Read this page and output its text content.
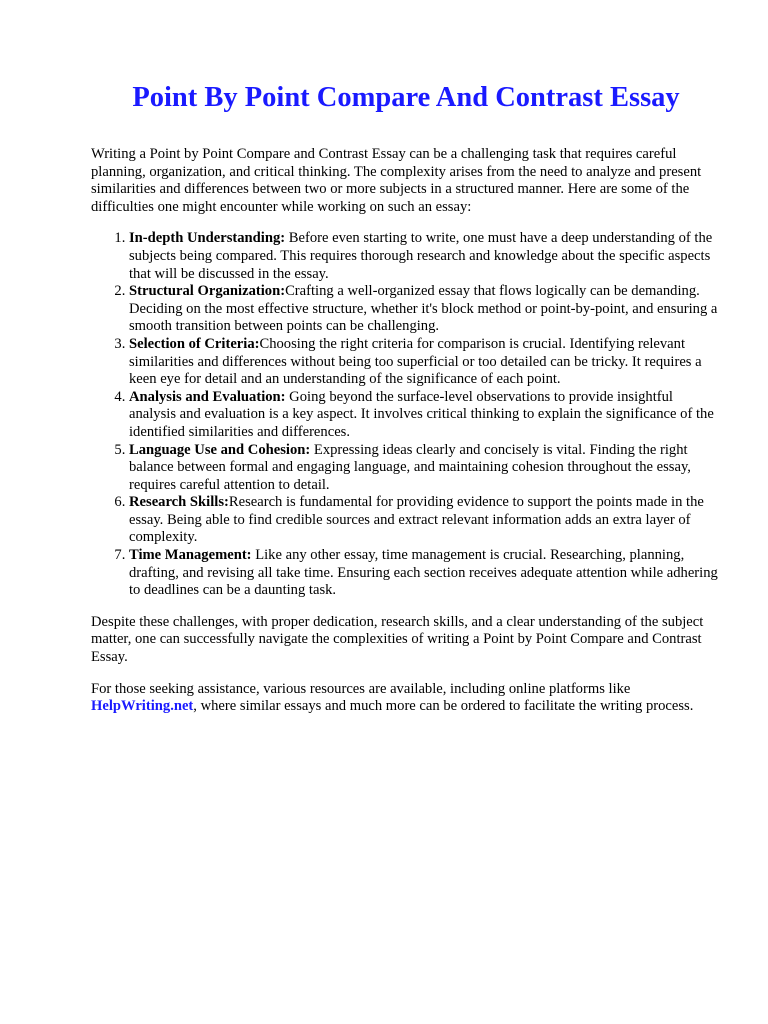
Point By Point Compare And Contrast Essay

Writing a Point by Point Compare and Contrast Essay can be a challenging task that requires careful planning, organization, and critical thinking. The complexity arises from the need to analyze and present similarities and differences between two or more subjects in a structured manner. Here are some of the difficulties one might encounter while working on such an essay:

1. In-depth Understanding: Before even starting to write, one must have a deep understanding of the subjects being compared. This requires thorough research and knowledge about the specific aspects that will be discussed in the essay.
2. Structural Organization:Crafting a well-organized essay that flows logically can be demanding. Deciding on the most effective structure, whether it's block method or point-by-point, and ensuring a smooth transition between points can be challenging.
3. Selection of Criteria:Choosing the right criteria for comparison is crucial. Identifying relevant similarities and differences without being too superficial or too detailed can be tricky. It requires a keen eye for detail and an understanding of the significance of each point.
4. Analysis and Evaluation: Going beyond the surface-level observations to provide insightful analysis and evaluation is a key aspect. It involves critical thinking to explain the significance of the identified similarities and differences.
5. Language Use and Cohesion: Expressing ideas clearly and concisely is vital. Finding the right balance between formal and engaging language, and maintaining cohesion throughout the essay, requires careful attention to detail.
6. Research Skills:Research is fundamental for providing evidence to support the points made in the essay. Being able to find credible sources and extract relevant information adds an extra layer of complexity.
7. Time Management: Like any other essay, time management is crucial. Researching, planning, drafting, and revising all take time. Ensuring each section receives adequate attention while adhering to deadlines can be a daunting task.

Despite these challenges, with proper dedication, research skills, and a clear understanding of the subject matter, one can successfully navigate the complexities of writing a Point by Point Compare and Contrast Essay.

For those seeking assistance, various resources are available, including online platforms like HelpWriting.net, where similar essays and much more can be ordered to facilitate the writing process.
